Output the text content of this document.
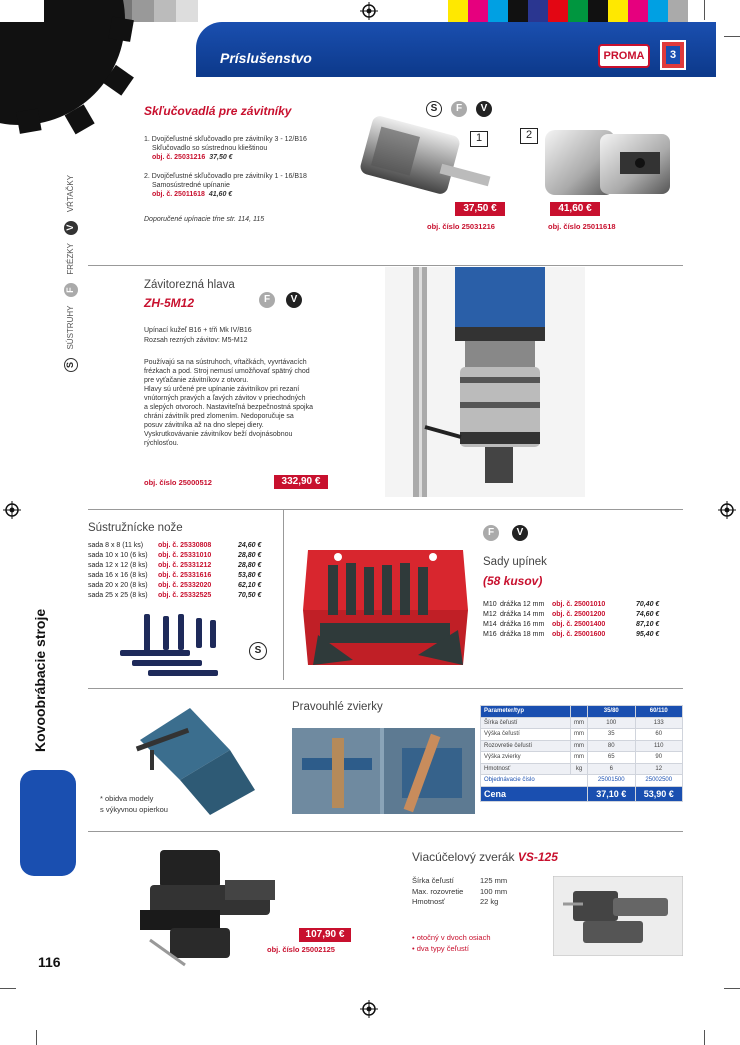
Príslušenstvo	PROMA	3
S SÚSTRUHY F FRÉZKY V VŔTAČKY
Kovoobrábacie stroje
116
Skľučovadlá pre závitníky	S	F	V
1. Dvojčeľustné skľučovadlo pre závitníky 3 - 12/B16
Skľučovadlo so sústrednou klieštinou
obj. č. 25031216 37,50 €
2. Dvojčeľustné skľučovadlo pre závitníky 1 - 16/B18
Samosústredné upínanie
obj. č. 25011618 41,60 €
Doporučené upínacie tŕne str. 114, 115
1	2
37,50 €
obj. číslo 25031216
41,60 €
obj. číslo 25011618
Závitorezná hlava
ZH-5M12	F	V
Upínací kužeľ B16 + tŕň Mk IV/B16
Rozsah rezných závitov: M5-M12
Používajú sa na sústruhoch, vŕtačkách, vyvrtávacích
frézkach a pod. Stroj nemusí umožňovať spätný chod
pre vyťačanie závitníkov z otvoru.
Hlavy sú určené pre upínanie závitníkov pri rezaní
vnútorných pravých a ľavých závitov v priechodných
a slepých otvoroch. Nastaviteľná bezpečnostná spojka
chráni závitník pred zlomením. Nedoporučuje sa
posuv závitníka až na dno slepej diery.
Vyskrutkovávanie závitníkov beží dvojnásobnou
rýchlosťou.
obj. číslo 25000512	332,90 €
Sústružnícke nože
sada 8 x 8 (11 ks) obj. č. 25330808	24,60 €
sada 10 x 10 (6 ks) obj. č. 25331010	28,80 €
sada 12 x 12 (8 ks) obj. č. 25331212	28,80 €
sada 16 x 16 (8 ks) obj. č. 25331616	53,80 €
sada 20 x 20 (8 ks) obj. č. 25332020	62,10 €
sada 25 x 25 (8 ks) obj. č. 25332525	70,50 €
S
F	V
Sady upínek
(58 kusov)
M10 drážka 12 mm obj. č. 25001010	70,40 €
M12 drážka 14 mm obj. č. 25001200	74,60 €
M14 drážka 16 mm obj. č. 25001400	87,10 €
M16 drážka 18 mm obj. č. 25001600	95,40 €
Pravouhlé zvierky
* obidva modely
s výkyvnou opierkou
Parameter/typ		35/80	60/110
Šírka čeľustí	mm	100	133
Výška čeľustí	mm	35	60
Rozovretie čeľustí	mm	80	110
Výška zvierky	mm	65	90
Hmotnosť	kg	6	12
Objednávacie číslo		25001500	25002500
Cena		37,10 €	53,90 €
Viacúčelový zverák VS-125
Šírka čeľustí	125 mm
Max. rozovretie 100 mm
Hmotnosť	22 kg
• otočný v dvoch osiach
• dva typy čeľustí
107,90 €
obj. číslo 25002125
